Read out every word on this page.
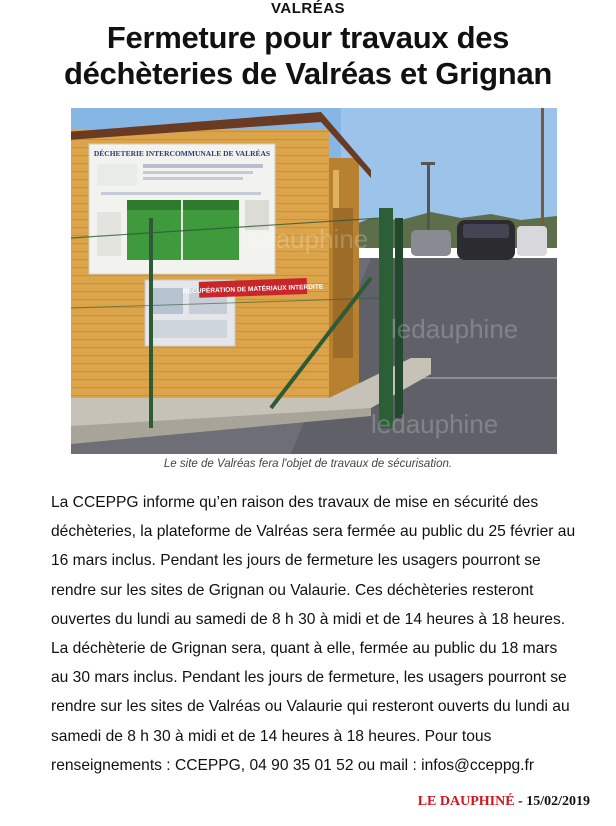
VALRÉAS
Fermeture pour travaux des
déchèteries de Valréas et Grignan
DÉCHETERIE INTERCOMMUNALE DE VALRÉAS
RÉCUPÉRATION DE MATÉRIAUX INTERDITE
ledauphine
ledauphine
ledauphine
Le site de Valréas fera l'objet de travaux de sécurisation.

La CCEPPG informe qu’en raison des travaux de mise en sécurité des

déchèteries, la plateforme de Valréas sera fermée au public du 25 février au

16 mars inclus. Pendant les jours de fermeture les usagers pourront se

rendre sur les sites de Grignan ou Valaurie. Ces déchèteries resteront

ouvertes du lundi au samedi de 8 h 30 à midi et de 14 heures à 18 heures.

La déchèterie de Grignan sera, quant à elle, fermée au public du 18 mars

au 30 mars inclus. Pendant les jours de fermeture, les usagers pourront se

rendre sur les sites de Valréas ou Valaurie qui resteront ouverts du lundi au

samedi de 8 h 30 à midi et de 14 heures à 18 heures. Pour tous

renseignements : CCEPPG, 04 90 35 01 52 ou mail : infos@cceppg.fr

LE DAUPHINÉ - 15/02/2019
